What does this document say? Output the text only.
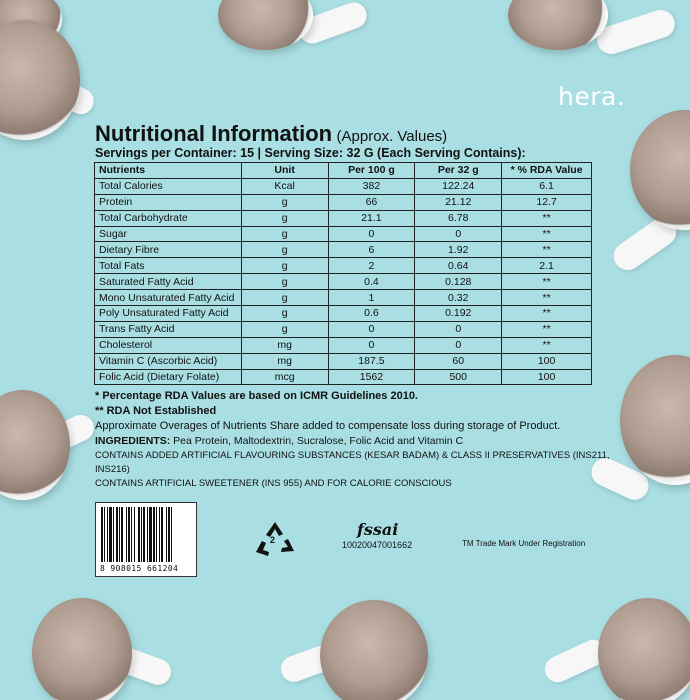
hera.
Nutritional Information (Approx. Values)
Servings per Container: 15 | Serving Size: 32 G (Each Serving Contains):
Nutrients	Unit	Per 100 g	Per 32 g	* % RDA Value
Total Calories	Kcal	382	122.24	6.1
Protein	g	66	21.12	12.7
Total Carbohydrate	g	21.1	6.78	**
Sugar	g	0	0	**
Dietary Fibre	g	6	1.92	**
Total Fats	g	2	0.64	2.1
Saturated Fatty Acid	g	0.4	0.128	**
Mono Unsaturated Fatty Acid	g	1	0.32	**
Poly Unsaturated Fatty Acid	g	0.6	0.192	**
Trans Fatty Acid	g	0	0	**
Cholesterol	mg	0	0	**
Vitamin C (Ascorbic Acid)	mg	187.5	60	100
Folic Acid (Dietary Folate)	mcg	1562	500	100
* Percentage RDA Values are based on ICMR Guidelines 2010.
** RDA Not Established
Approximate Overages of Nutrients Share added to compensate loss during storage of Product.
INGREDIENTS: Pea Protein, Maltodextrin, Sucralose, Folic Acid and Vitamin C
CONTAINS ADDED ARTIFICIAL FLAVOURING SUBSTANCES (KESAR BADAM) & CLASS II PRESERVATIVES (INS211, INS216)
CONTAINS ARTIFICIAL SWEETENER (INS 955) AND FOR CALORIE CONSCIOUS
8 908015 661204
2
fssai
10020047001662	TM Trade Mark Under Registration
